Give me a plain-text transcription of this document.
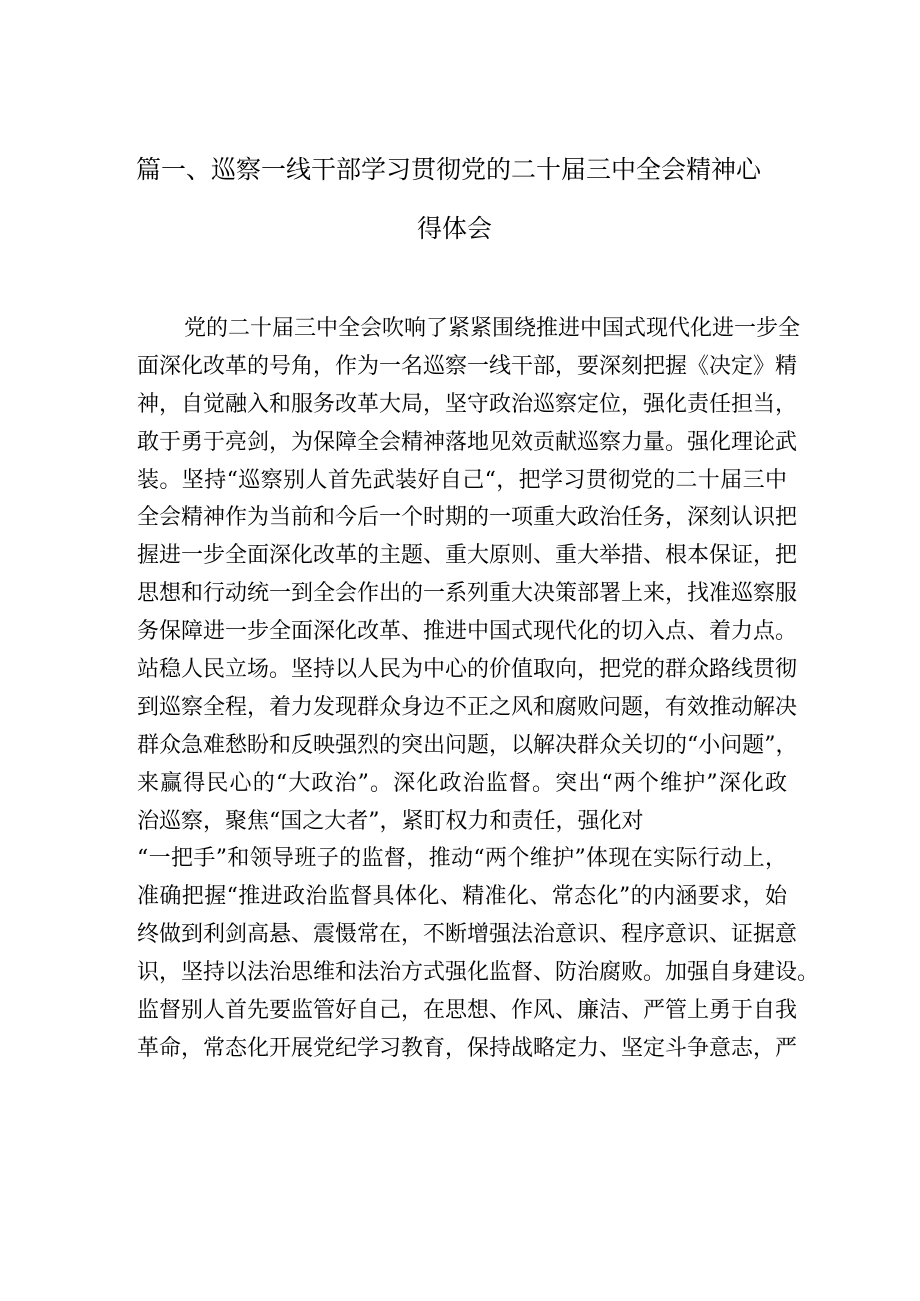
篇一、巡察一线干部学习贯彻党的二十届三中全会精神心
得体会
党的二十届三中全会吹响了紧紧围绕推进中国式现代化进一步全
面深化改革的号角，作为一名巡察一线干部，要深刻把握《决定》精
神，自觉融入和服务改革大局，坚守政治巡察定位，强化责任担当，
敢于勇于亮剑，为保障全会精神落地见效贡献巡察力量。强化理论武
装。坚持“巡察别人首先武装好自己“，把学习贯彻党的二十届三中
全会精神作为当前和今后一个时期的一项重大政治任务，深刻认识把
握进一步全面深化改革的主题、重大原则、重大举措、根本保证，把
思想和行动统一到全会作出的一系列重大决策部署上来，找准巡察服
务保障进一步全面深化改革、推进中国式现代化的切入点、着力点。
站稳人民立场。坚持以人民为中心的价值取向，把党的群众路线贯彻
到巡察全程，着力发现群众身边不正之风和腐败问题，有效推动解决
群众急难愁盼和反映强烈的突出问题，以解决群众关切的“小问题”，
来赢得民心的“大政治”。深化政治监督。突出“两个维护”深化政
治巡察，聚焦“国之大者”，紧盯权力和责任，强化对
“一把手”和领导班子的监督，推动“两个维护”体现在实际行动上，
准确把握“推进政治监督具体化、精准化、常态化”的内涵要求，始
终做到利剑高悬、震慑常在，不断增强法治意识、程序意识、证据意
识，坚持以法治思维和法治方式强化监督、防治腐败。加强自身建设。
监督别人首先要监管好自己，在思想、作风、廉洁、严管上勇于自我
革命，常态化开展党纪学习教育，保持战略定力、坚定斗争意志，严
